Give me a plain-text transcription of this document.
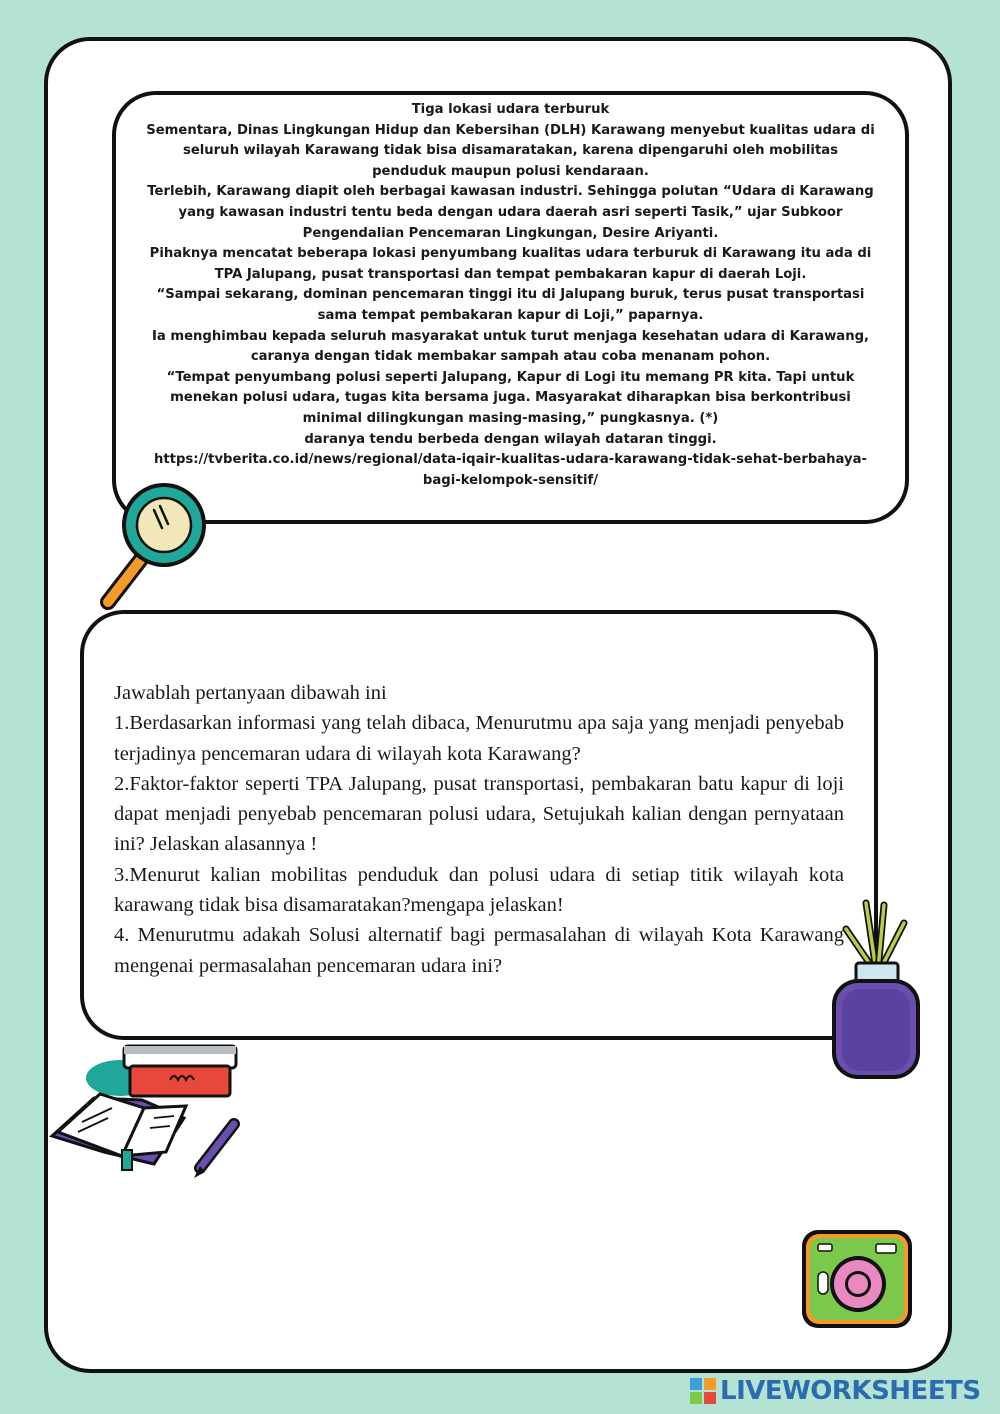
Tiga lokasi udara terburuk

Sementara, Dinas Lingkungan Hidup dan Kebersihan (DLH) Karawang menyebut kualitas udara di seluruh wilayah Karawang tidak bisa disamaratakan, karena dipengaruhi oleh mobilitas penduduk maupun polusi kendaraan.

Terlebih, Karawang diapit oleh berbagai kawasan industri. Sehingga polutan “Udara di Karawang yang kawasan industri tentu beda dengan udara daerah asri seperti Tasik,” ujar Subkoor Pengendalian Pencemaran Lingkungan, Desire Ariyanti.

Pihaknya mencatat beberapa lokasi penyumbang kualitas udara terburuk di Karawang itu ada di TPA Jalupang, pusat transportasi dan tempat pembakaran kapur di daerah Loji.

“Sampai sekarang, dominan pencemaran tinggi itu di Jalupang buruk, terus pusat transportasi sama tempat pembakaran kapur di Loji,” paparnya.

Ia menghimbau kepada seluruh masyarakat untuk turut menjaga kesehatan udara di Karawang, caranya dengan tidak membakar sampah atau coba menanam pohon.

“Tempat penyumbang polusi seperti Jalupang, Kapur di Logi itu memang PR kita. Tapi untuk menekan polusi udara, tugas kita bersama juga. Masyarakat diharapkan bisa berkontribusi minimal dilingkungan masing-masing,” pungkasnya. (*)

daranya tendu berbeda dengan wilayah dataran tinggi.

https://tvberita.co.id/news/regional/data-iqair-kualitas-udara-karawang-tidak-sehat-berbahaya-bagi-kelompok-sensitif/

Jawablah pertanyaan dibawah ini

1.Berdasarkan informasi yang telah dibaca, Menurutmu apa saja yang menjadi penyebab terjadinya pencemaran udara di wilayah kota Karawang?

2.Faktor-faktor seperti TPA Jalupang, pusat transportasi, pembakaran batu kapur di loji dapat menjadi penyebab pencemaran polusi udara, Setujukah kalian dengan pernyataan ini? Jelaskan alasannya !

3.Menurut kalian mobilitas penduduk dan polusi udara di setiap titik wilayah kota karawang tidak bisa disamaratakan?mengapa jelaskan!

4. Menurutmu adakah Solusi alternatif bagi permasalahan di wilayah Kota Karawang mengenai permasalahan pencemaran udara ini?

LIVEWORKSHEETS
